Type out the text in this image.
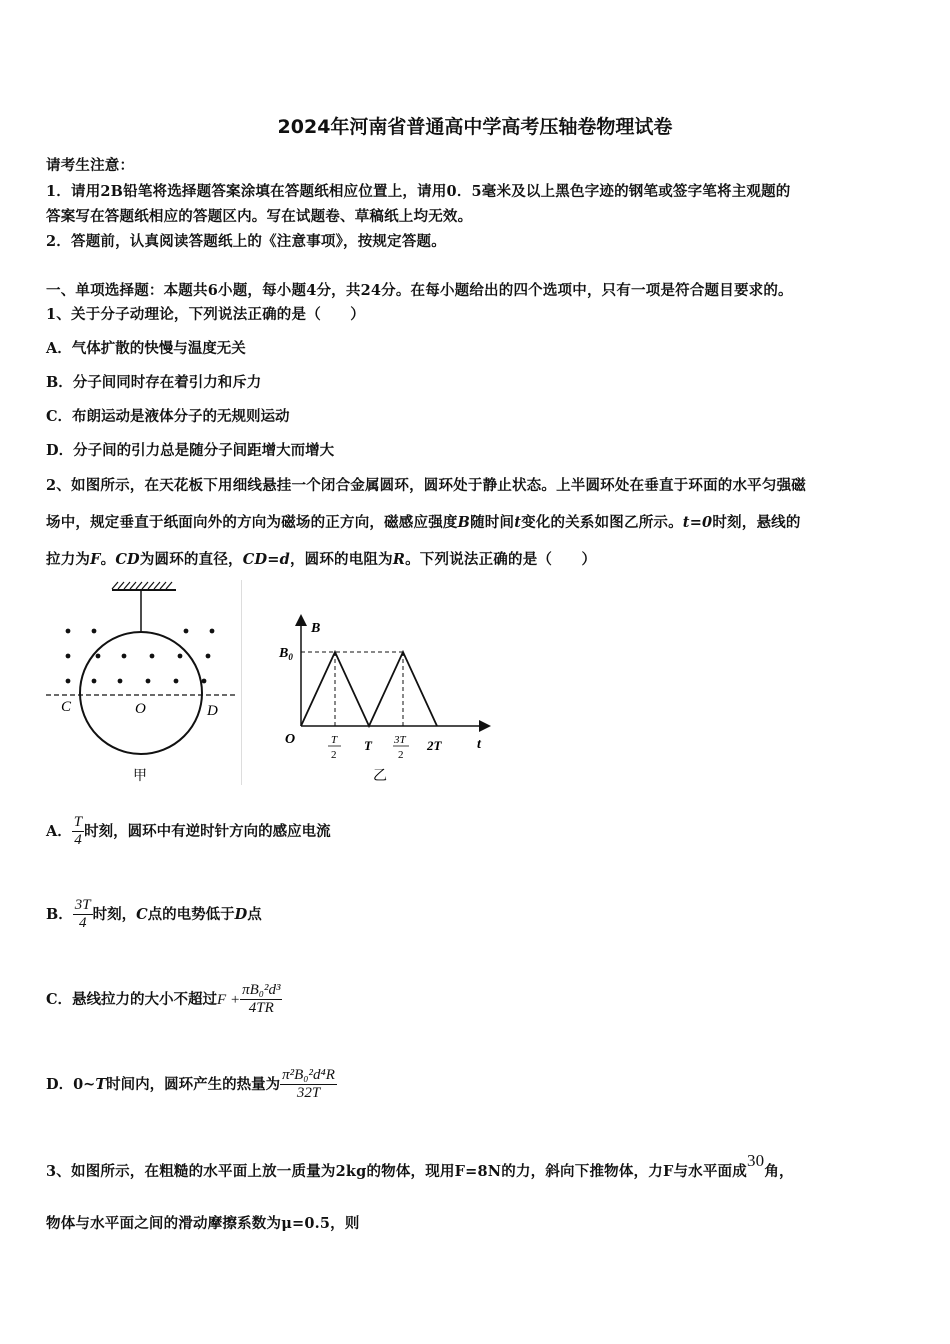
2024年河南省普通高中学高考压轴卷物理试卷
请考生注意：
1．请用2B铅笔将选择题答案涂填在答题纸相应位置上，请用0．5毫米及以上黑色字迹的钢笔或签字笔将主观题的
答案写在答题纸相应的答题区内。写在试题卷、草稿纸上均无效。
2．答题前，认真阅读答题纸上的《注意事项》，按规定答题。
一、单项选择题：本题共6小题，每小题4分，共24分。在每小题给出的四个选项中，只有一项是符合题目要求的。
1、关于分子动理论，下列说法正确的是（　　）
A．气体扩散的快慢与温度无关
B．分子间同时存在着引力和斥力
C．布朗运动是液体分子的无规则运动
D．分子间的引力总是随分子间距增大而增大
2、如图所示，在天花板下用细线悬挂一个闭合金属圆环，圆环处于静止状态。上半圆环处在垂直于环面的水平匀强磁
场中，规定垂直于纸面向外的方向为磁场的正方向，磁感应强度B随时间t变化的关系如图乙所示。t=0时刻，悬线的
拉力为F。CD为圆环的直径，CD=d，圆环的电阻为R。下列说法正确的是（　　）
C	O	D
甲
B
$B_0$
O	t
T
2
T 3T
2
2T
乙
A． $\frac{T}{4}$ 时刻，圆环中有逆时针方向的感应电流
B． $\frac{3T}{4}$ 时刻，C点的电势低于D点
C．悬线拉力的大小不超过$F + \frac{\text{πB₀²d³}}{4TR}$
D．0~T时间内，圆环产生的热量为 $\frac{\text{π²B₀²d⁴R}}{32T}$
3、如图所示，在粗糙的水平面上放一质量为2kg的物体，现用F=8N的力，斜向下推物体，力F与水平面成30角，
物体与水平面之间的滑动摩擦系数为μ=0.5，则
